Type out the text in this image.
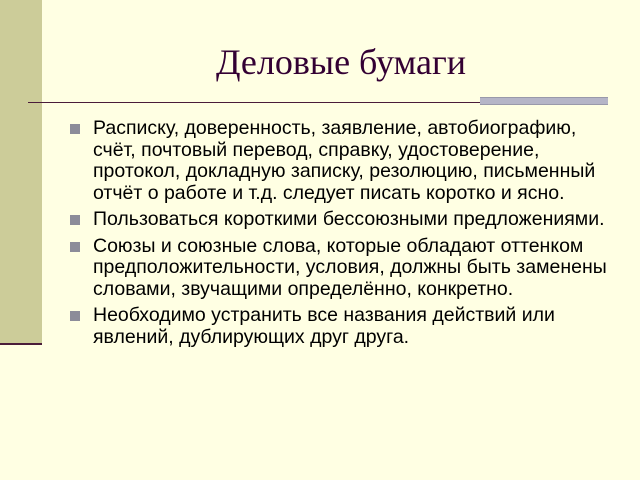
Деловые бумаги
Расписку, доверенность, заявление, автобиографию, счёт, почтовый перевод, справку, удостоверение, протокол, докладную записку, резолюцию, письменный отчёт о работе и т.д. следует писать коротко и ясно.
Пользоваться короткими бессоюзными предложениями.
Союзы и союзные слова, которые обладают оттенком предположительности, условия, должны быть заменены словами, звучащими определённо, конкретно.
Необходимо устранить все названия действий или явлений, дублирующих друг друга.
